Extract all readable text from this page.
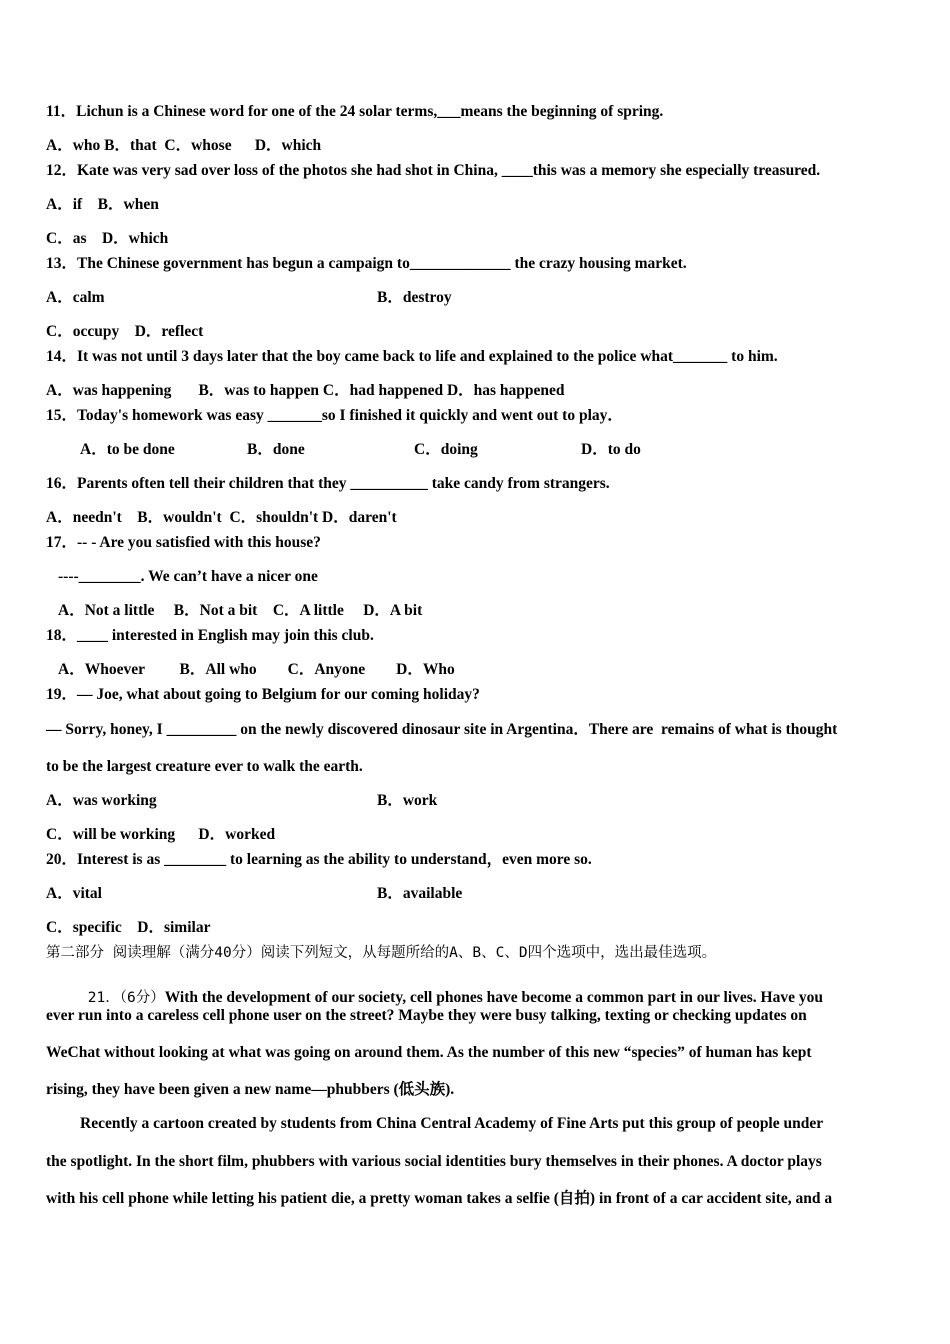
11．Lichun is a Chinese word for one of the 24 solar terms,___means the beginning of spring.
A．who B．that  C．whose      D．which
12．Kate was very sad over loss of the photos she had shot in China, ____this was a memory she especially treasured.
A．if    B．when
C．as    D．which
13．The Chinese government has begun a campaign to_____________ the crazy housing market.
A．calm	B．destroy
C．occupy    D．reflect
14．It was not until 3 days later that the boy came back to life and explained to the police what_______ to him.
A．was happening       B．was to happen C．had happened D．has happened
15．Today's homework was easy _______so I finished it quickly and went out to play．
A．to be done	B．done	C．doing	D．to do
16．Parents often tell their children that they __________ take candy from strangers.
A．needn't    B．wouldn't  C．shouldn't D．daren't
17．-- - Are you satisfied with this house?
----________. We can’t have a nicer one
A．Not a little     B．Not a bit    C．A little     D．A bit
18．____ interested in English may join this club.
A．Whoever         B．All who        C．Anyone        D．Who
19．— Joe, what about going to Belgium for our coming holiday?
— Sorry, honey, I _________ on the newly discovered dinosaur site in Argentina．There are  remains of what is thought
to be the largest creature ever to walk the earth.
A．was working	B．work
C．will be working      D．worked
20．Interest is as ________ to learning as the ability to understand，even more so.
A．vital	B．available
C．specific    D．similar
第二部分 阅读理解（满分40分）阅读下列短文，从每题所给的A、B、C、D四个选项中，选出最佳选项。

21．（6分）With the development of our society, cell phones have become a common part in our lives. Have you

ever run into a careless cell phone user on the street? Maybe they were busy talking, texting or checking updates on
WeChat without looking at what was going on around them. As the number of this new “species” of human has kept
rising, they have been given a new name—phubbers (低头族).
Recently a cartoon created by students from China Central Academy of Fine Arts put this group of people under
the spotlight. In the short film, phubbers with various social identities bury themselves in their phones. A doctor plays
with his cell phone while letting his patient die, a pretty woman takes a selfie (自拍) in front of a car accident site, and a
